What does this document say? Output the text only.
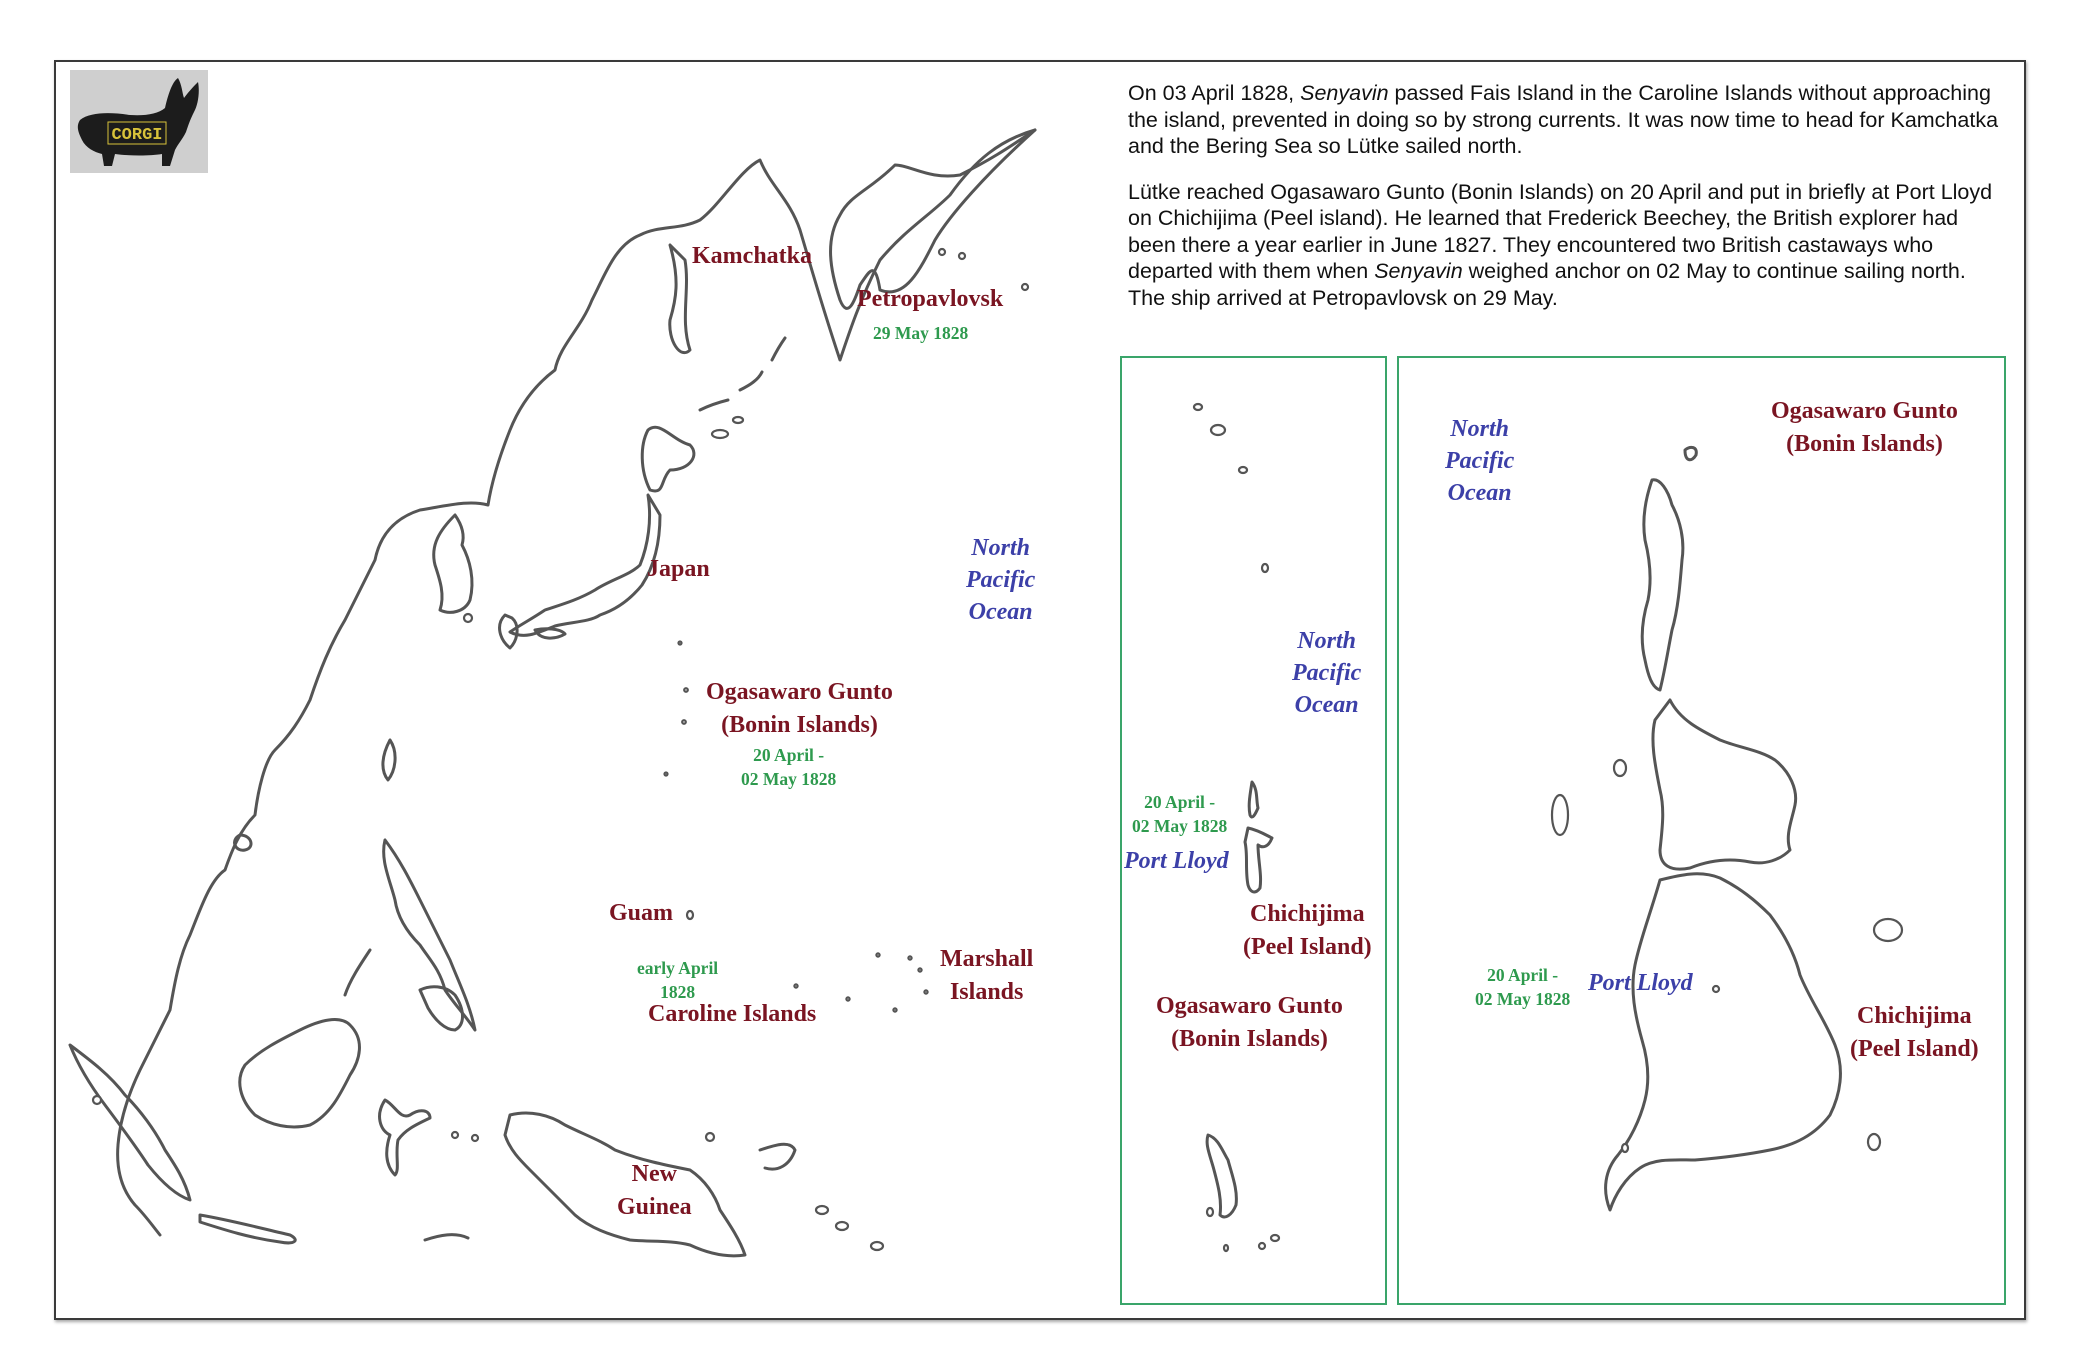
CORGI

On 03 April 1828, Senyavin passed Fais Island in the Caroline Islands without approaching the island, prevented in doing so by strong currents. It was now time to head for Kamchatka and the Bering Sea so Lütke sailed north.

Lütke reached Ogasawaro Gunto (Bonin Islands) on 20 April and put in briefly at Port Lloyd on Chichijima (Peel island). He learned that Frederick Beechey, the British explorer had been there a year earlier in June 1827. They encountered two British castaways who departed with them when Senyavin weighed anchor on 02 May to continue sailing north. The ship arrived at Petropavlovsk on 29 May.

Kamchatka
Petropavlovsk
29 May 1828
Japan
North
Pacific
Ocean
Ogasawaro Gunto
(Bonin Islands)
20 April -
02 May 1828
Guam
early April
1828
Caroline Islands
Marshall
Islands
New
Guinea
North
Pacific
Ocean
20 April -
02 May 1828
Port Lloyd
Chichijima
(Peel Island)
Ogasawaro Gunto
(Bonin Islands)
North
Pacific
Ocean
Ogasawaro Gunto
(Bonin Islands)
20 April -
02 May 1828
Port Lloyd
Chichijima
(Peel Island)
